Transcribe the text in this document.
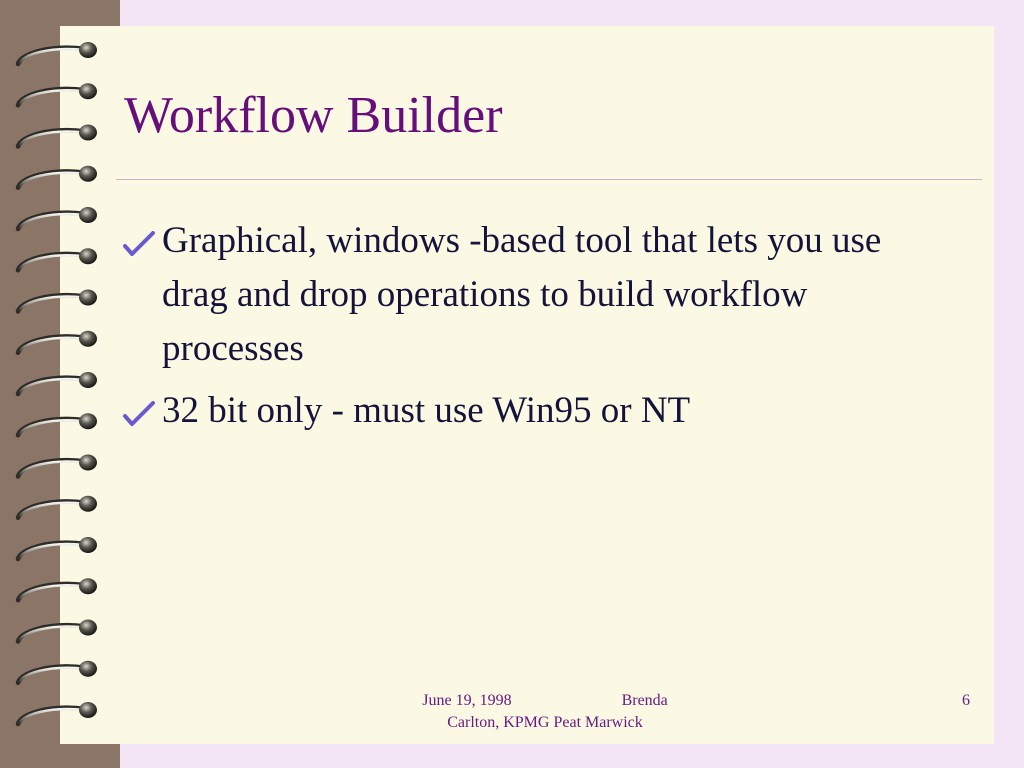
Workflow Builder
Graphical, windows -based tool that lets you use drag and drop operations to build workflow processes
32 bit only - must use Win95 or NT
June 19, 1998	Brenda
Carlton, KPMG Peat Marwick
6
